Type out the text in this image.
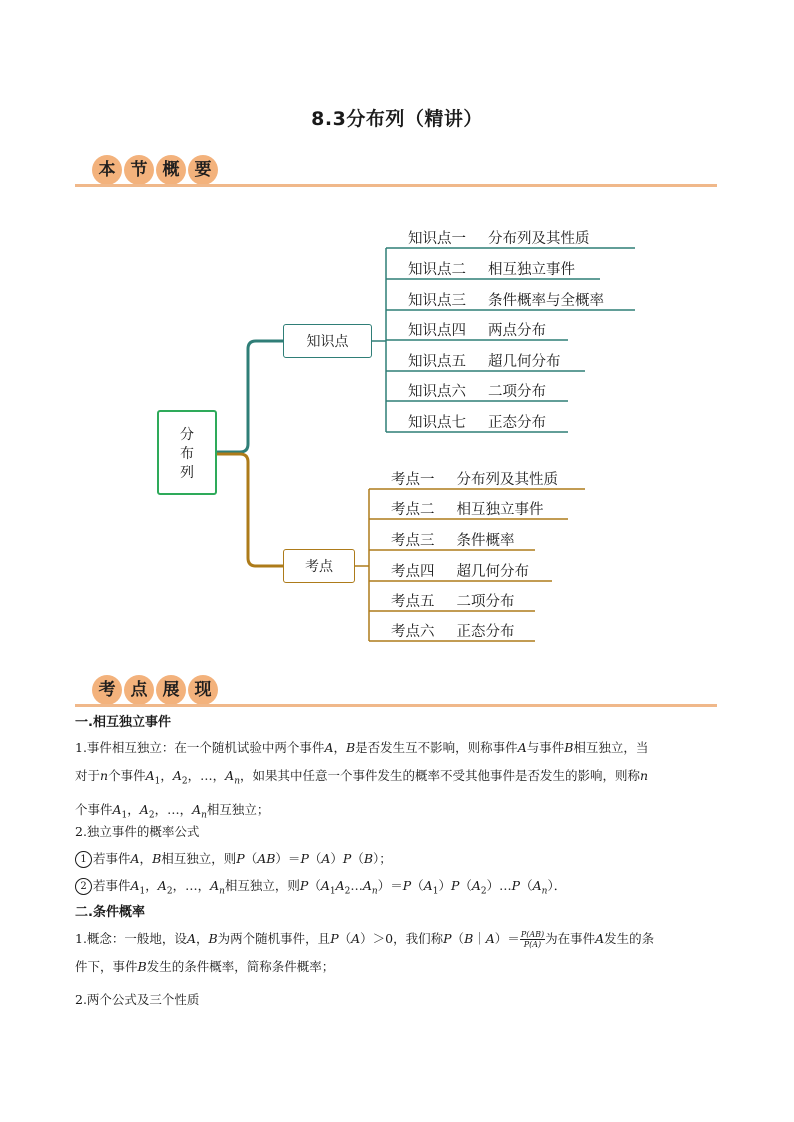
8.3分布列（精讲）
本 节 概 要
分
布
列
知识点
考点
知识点一 分布列及其性质
知识点二 相互独立事件
知识点三 条件概率与全概率
知识点四 两点分布
知识点五 超几何分布
知识点六 二项分布
知识点七 正态分布
考点一 分布列及其性质
考点二 相互独立事件
考点三 条件概率
考点四 超几何分布
考点五 二项分布
考点六 正态分布
考 点 展 现
一.相互独立事件
1.事件相互独立：在一个随机试验中两个事件A，B是否发生互不影响，则称事件A与事件B相互独立，当
对于n个事件$A_1$，$A_2$，…，$A_n$，如果其中任意一个事件发生的概率不受其他事件是否发生的影响，则称n
个事件$A_1$，$A_2$，…，$A_n$相互独立；
2.独立事件的概率公式
1 若事件A，B相互独立，则P（AB）＝P（A）P（B）；
2 若事件$A_1$，$A_2$，…，$A_n$相互独立，则$P(A_1A_2\dots A_n)=P(A_1)P(A_2)\dots P(A_n)$．
二.条件概率
1.概念：一般地，设A，B为两个随机事件，且P（A）＞0，我们称P（B｜A）＝ $\frac{P(AB)}{P(A)}$ 为在事件A发生的条
件下，事件B发生的条件概率，简称条件概率；
2.两个公式及三个性质
